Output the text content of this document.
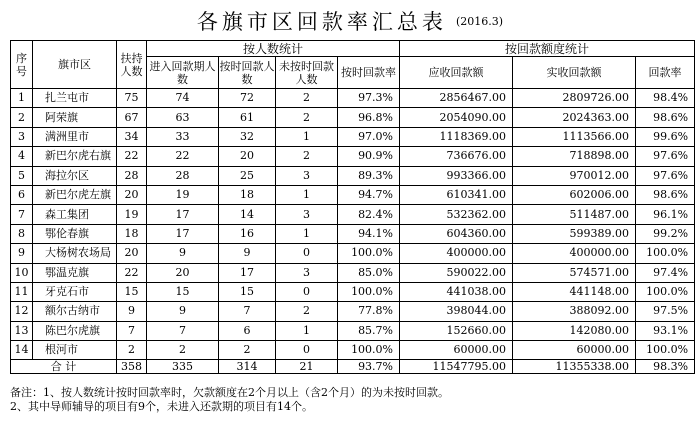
各旗市区回款率汇总表 (2016.3)
序号	旗市区	扶持人数	按人数统计				按回款额度统计		
			进入回款期人数	按时回款人数	未按时回款人数	按时回款率	应收回款额	实收回款额	回款率
1	扎兰屯市	75	74	72	2	97.3%	2856467.00	2809726.00	98.4%
2	阿荣旗	67	63	61	2	96.8%	2054090.00	2024363.00	98.6%
3	满洲里市	34	33	32	1	97.0%	1118369.00	1113566.00	99.6%
4	新巴尔虎右旗	22	22	20	2	90.9%	736676.00	718898.00	97.6%
5	海拉尔区	28	28	25	3	89.3%	993366.00	970012.00	97.6%
6	新巴尔虎左旗	20	19	18	1	94.7%	610341.00	602006.00	98.6%
7	森工集团	19	17	14	3	82.4%	532362.00	511487.00	96.1%
8	鄂伦春旗	18	17	16	1	94.1%	604360.00	599389.00	99.2%
9	大杨树农场局	20	9	9	0	100.0%	400000.00	400000.00	100.0%
10	鄂温克旗	22	20	17	3	85.0%	590022.00	574571.00	97.4%
11	牙克石市	15	15	15	0	100.0%	441038.00	441148.00	100.0%
12	额尔古纳市	9	9	7	2	77.8%	398044.00	388092.00	97.5%
13	陈巴尔虎旗	7	7	6	1	85.7%	152660.00	142080.00	93.1%
14	根河市	2	2	2	0	100.0%	60000.00	60000.00	100.0%
合 计		358	335	314	21	93.7%	11547795.00	11355338.00	98.3%
备注：1、按人数统计按时回款率时，欠款额度在2个月以上（含2个月）的为未按时回款。
2、其中导师辅导的项目有9个，未进入还款期的项目有14个。
